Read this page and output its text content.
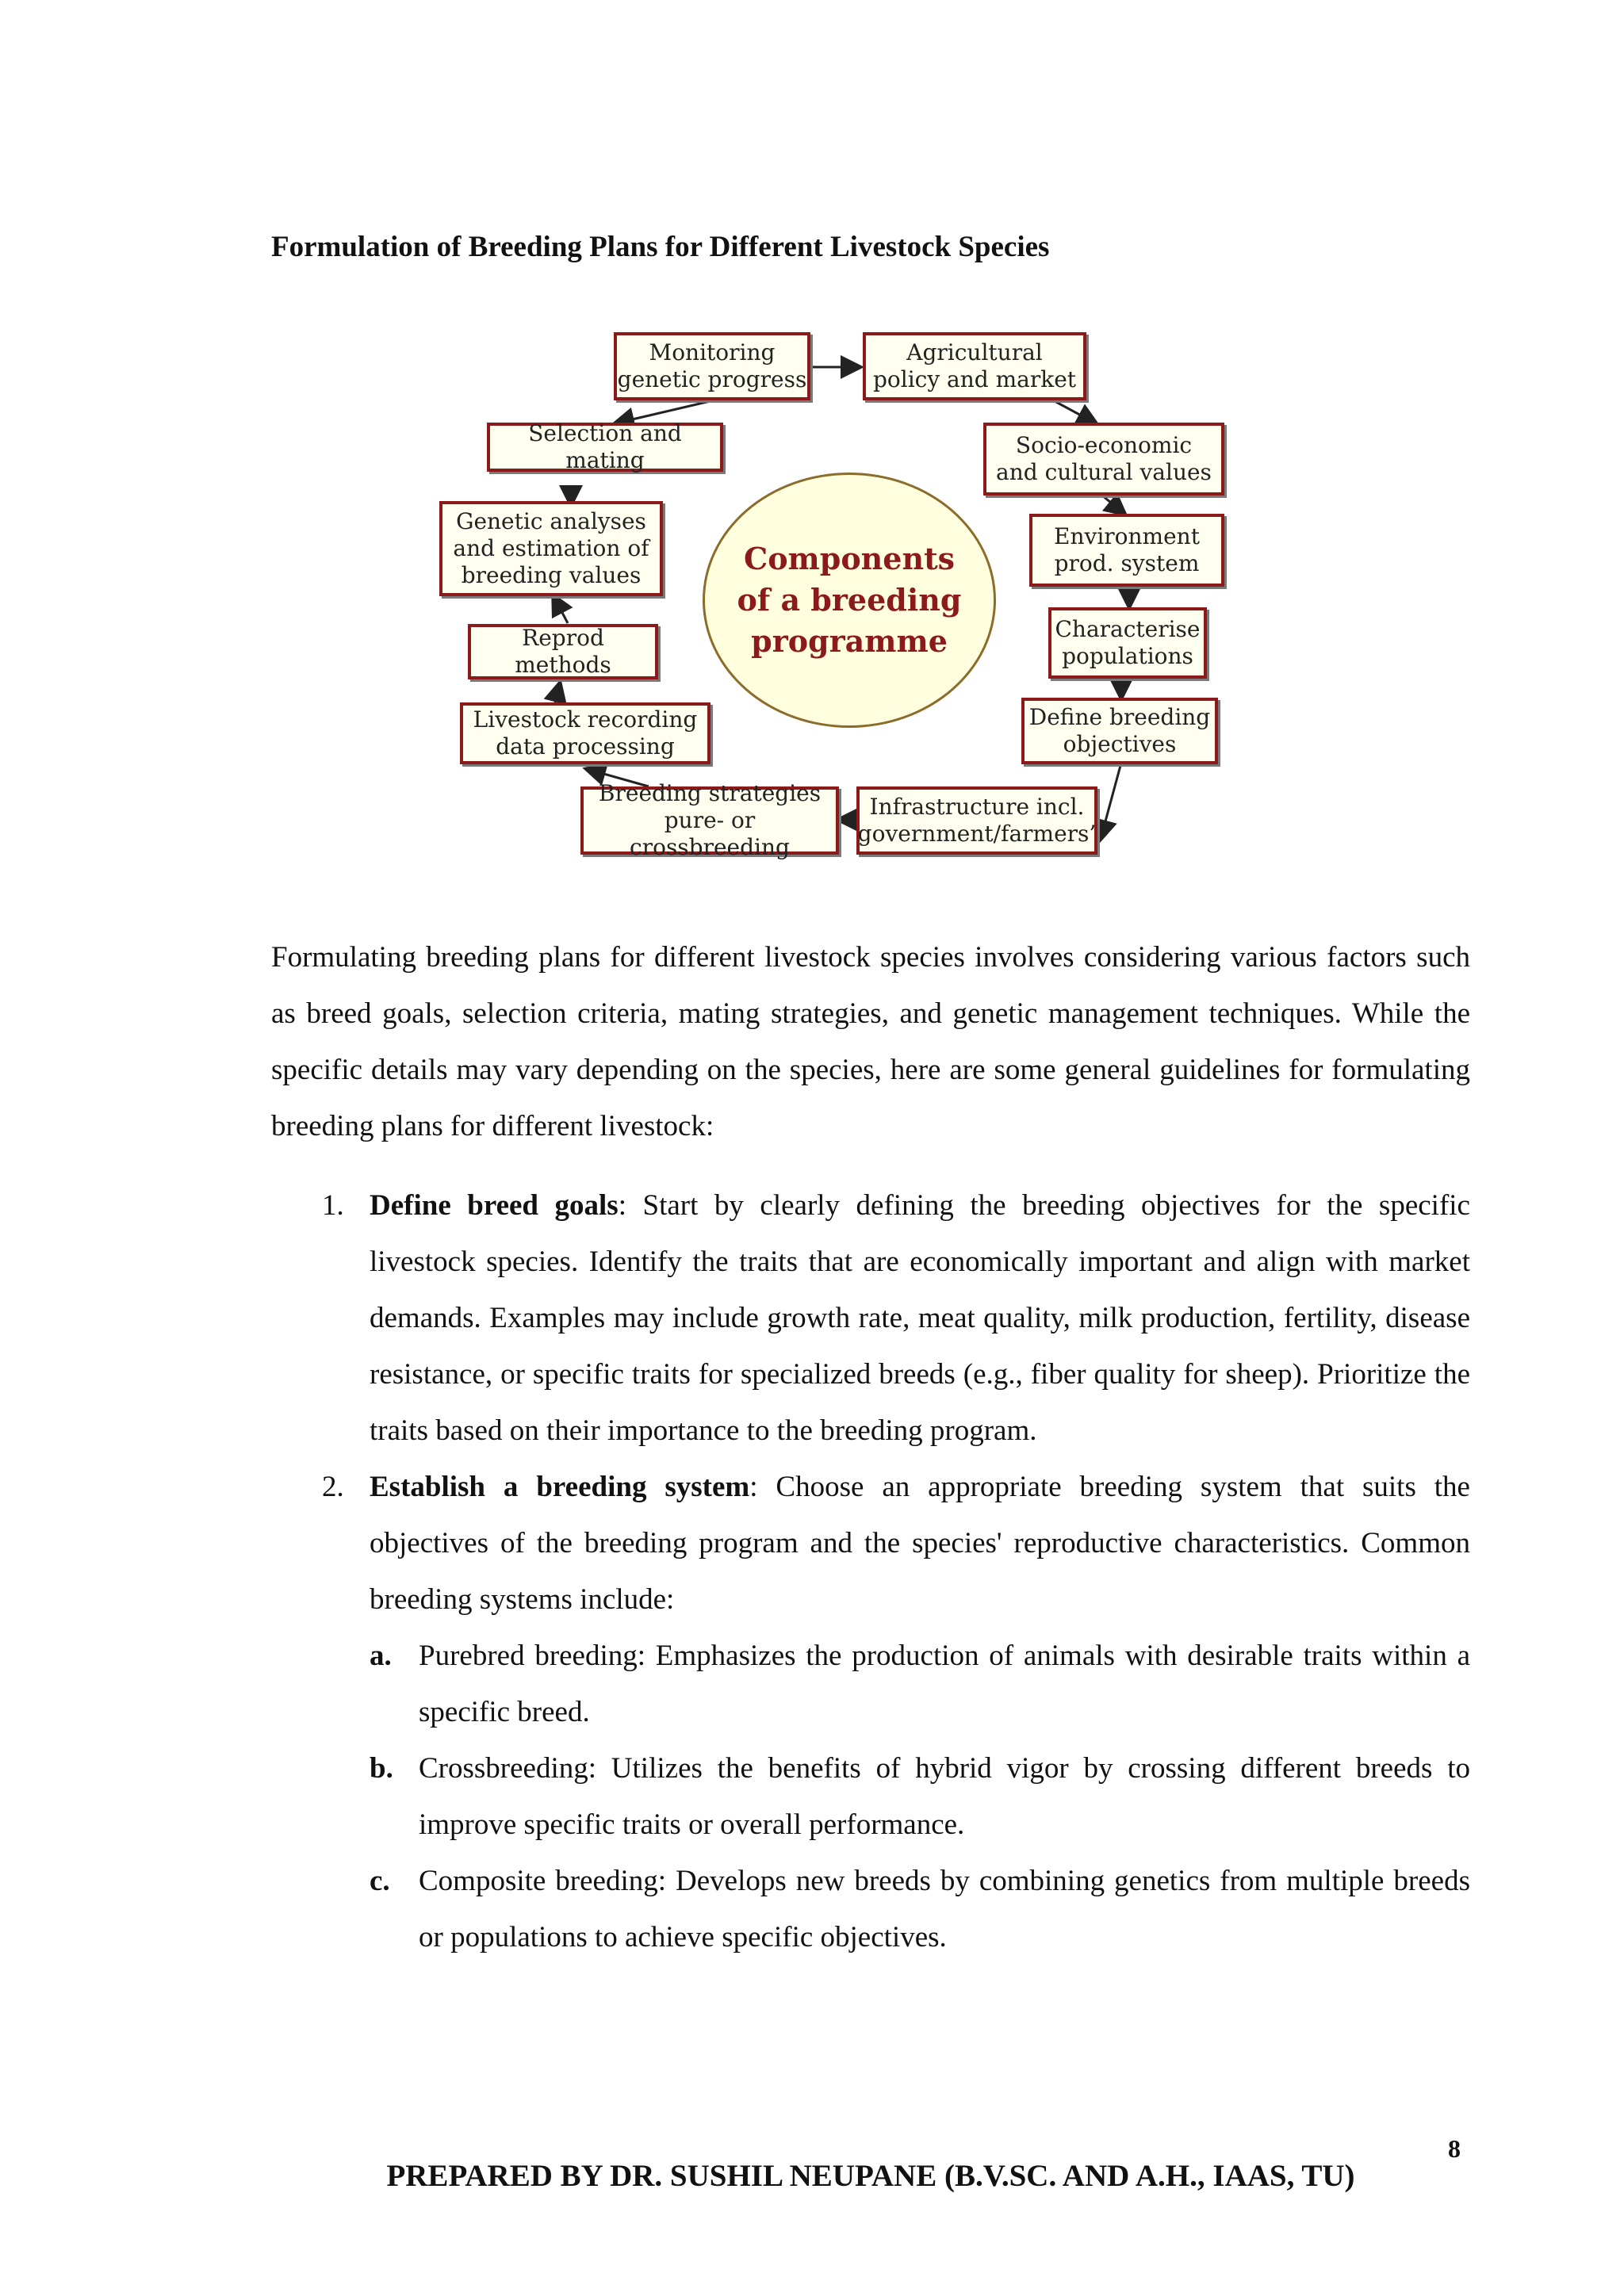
Formulation of Breeding Plans for Different Livestock Species
Components
of a breeding
programme
Monitoring
genetic progress
Agricultural
policy and market
Selection and mating
Socio-economic
and cultural values
Genetic analyses
and estimation of
breeding values
Environment
prod. system
Characterise
populations
Reprod methods
Livestock recording
data processing
Define breeding
objectives
Breeding strategies
pure- or crossbreeding
Infrastructure incl.
government/farmers’
Formulating breeding plans for different livestock species involves considering various factors such as breed goals, selection criteria, mating strategies, and genetic management techniques. While the specific details may vary depending on the species, here are some general guidelines for formulating breeding plans for different livestock:
1. Define breed goals: Start by clearly defining the breeding objectives for the specific livestock species. Identify the traits that are economically important and align with market demands. Examples may include growth rate, meat quality, milk production, fertility, disease resistance, or specific traits for specialized breeds (e.g., fiber quality for sheep). Prioritize the traits based on their importance to the breeding program.
2. Establish a breeding system: Choose an appropriate breeding system that suits the objectives of the breeding program and the species' reproductive characteristics. Common breeding systems include:
a. Purebred breeding: Emphasizes the production of animals with desirable traits within a specific breed.
b. Crossbreeding: Utilizes the benefits of hybrid vigor by crossing different breeds to improve specific traits or overall performance.
c. Composite breeding: Develops new breeds by combining genetics from multiple breeds or populations to achieve specific objectives.
8
PREPARED BY DR. SUSHIL NEUPANE (B.V.SC. AND A.H., IAAS, TU)
